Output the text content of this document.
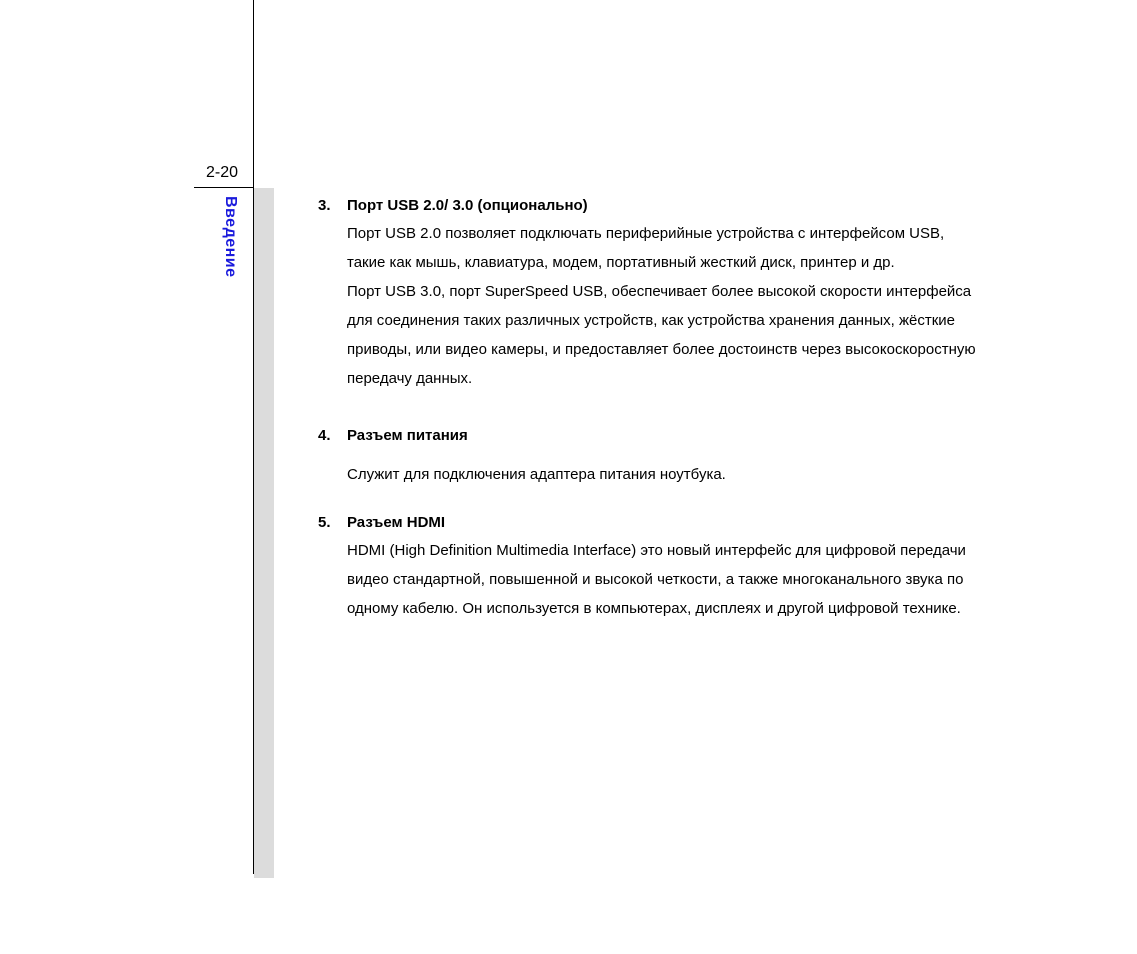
2-20
Введение	3. Порт USB 2.0/ 3.0 (опционально)

Порт USB 2.0 позволяет подключать периферийные устройства с интерфейсом USB,

такие как мышь, клавиатура, модем, портативный жесткий диск, принтер и др.

Порт USB 3.0, порт SuperSpeed USB, обеспечивает более высокой скорости интерфейса

для соединения таких различных устройств, как устройства хранения данных, жёсткие

приводы, или видео камеры, и предоставляет более достоинств через высокоскоростную

передачу данных.

4. Разъем питания

Служит для подключения адаптера питания ноутбука.

5. Разъем HDMI

HDMI (High Definition Multimedia Interface) это новый интерфейс для цифровой передачи

видео стандартной, повышенной и высокой четкости, а также многоканального звука по

одному кабелю. Он используется в компьютерах, дисплеях и другой цифровой технике.
